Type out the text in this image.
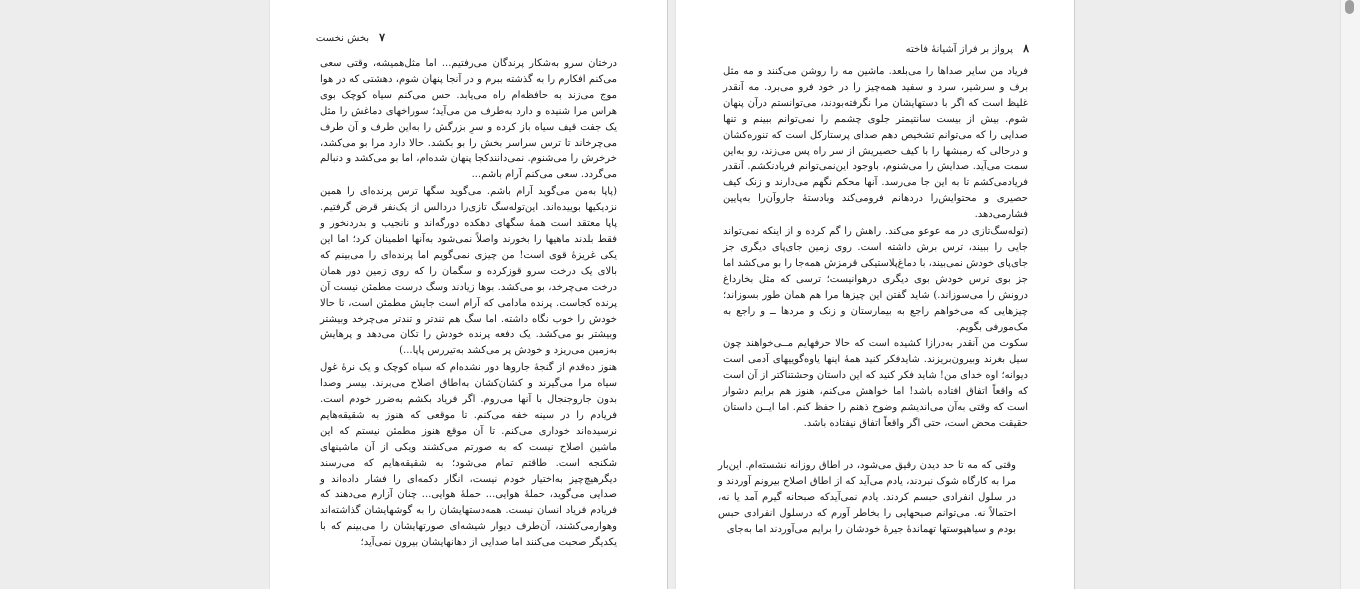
۷
بخش نخست

درختان سرو به‌شکار پرندگان می‌رفتیم... اما مثل‌همیشه، وقتی سعی می‌کنم افکارم را به گذشته ببرم و در آنجا پنهان شوم، دهشتی که در هوا موج می‌زند به حافظه‌ام راه می‌یابد. حس می‌کنم سیاه کوچک بوی هراس مرا شنیده و دارد به‌طرف من می‌آید؛ سوراخهای دماغش را مثل یک جفت قیف سیاه باز کرده و سرِ بزرگش را به‌این طرف و آن طرف می‌چرخاند تا ترس سراسر بخش را بو بکشد. حالا دارد مرا بو می‌کشد، خرخرش را می‌شنوم. نمی‌دانندکجا پنهان شده‌ام، اما بو می‌کشد و دنبالم می‌گردد. سعی می‌کنم آرام باشم...

(پاپا به‌من می‌گوید آرام باشم. می‌گوید سگها ترس پرنده‌ای را همین نزدیکیها بوییده‌اند. این‌توله‌سگ تازی‌را دردالس از یک‌نفر قرض گرفتیم. پاپا معتقد است همهٔ سگهای دهکده دورگه‌اند و نانجیب و بدردنخور و فقط بلدند ماهیها را بخورند واصلاً نمی‌شود به‌آنها اطمینان کرد؛ اما این یکی غریزهٔ قوی است! من چیزی نمی‌گویم اما پرنده‌ای را می‌بینم که بالای یک درخت سرو قوزکرده و سگمان را که روی زمین دور همان درخت می‌چرخد، بو می‌کشد. بوها زیادند وسگ درست مطمئن نیست آن پرنده کجاست. پرنده مادامی که آرام است جایش مطمئن است، تا حالا خودش را خوب نگاه داشته. اما سگ هم تندتر و تندتر می‌چرخد وبیشتر وبیشتر بو می‌کشد. یک دفعه پرنده خودش را تکان می‌دهد و پرهایش به‌زمین می‌ریزد و خودش پر می‌کشد به‌تیررس پاپا...)

هنوز ده‌قدم از گنجهٔ جاروها دور نشده‌ام که سیاه کوچک و یک نرهٔ غول سیاه مرا می‌گیرند و کشان‌کشان به‌اطاق اصلاح می‌برند. بیسر وصدا بدون جاروجنجال با آنها می‌روم. اگر فریاد بکشم به‌ضرر خودم است. فریادم را در سینه خفه می‌کنم. تا موقعی که هنوز به شقیقه‌هایم نرسیده‌اند خوداری می‌کنم. تا آن موقع هنوز مطمئن نیستم که این ماشین اصلاح نیست که به صورتم می‌کشند ویکی از آن ماشینهای شکنجه است. طاقتم تمام می‌شود؛ به شقیقه‌هایم که می‌رسند دیگرهیچ‌چیز به‌اختیار خودم نیست، انگار دکمه‌ای را فشار داده‌اند و صدایی می‌گوید، حملهٔ هوایی... حملهٔ هوایی... چنان آزارم می‌دهند که فریادم فریاد انسان نیست. همه‌دستهایشان را به گوشهایشان گذاشته‌اند وهوارمی‌کشند، آن‌طرف دیوار شیشه‌ای صورتهایشان را می‌بینم که با یکدیگر صحبت می‌کنند اما صدایی از دهانهایشان بیرون نمی‌آید؛

۸
پرواز بر فراز آشیانهٔ فاخته

فریاد من سایر صداها را می‌بلعد. ماشین مه را روشن می‌کنند و مه مثل برف و سرشیر، سرد و سفید همه‌چیز را در خود فرو می‌برد. مه آنقدر غلیظ است که اگر با دستهایشان مرا نگرفته‌بودند، می‌توانستم درآن پنهان شوم. بیش از بیست سانتیمتر جلوی چشمم را نمی‌توانم ببینم و تنها صدایی را که می‌توانم تشخیص دهم صدای پرستارکل است که تنوره‌کشان و درحالی که رمبشها را با کیف حصیریش از سر راه پس می‌زند، رو به‌این سمت می‌آید. صدایش را می‌شنوم، باوجود این‌نمی‌توانم فریادنکشم. آنقدر فریادمی‌کشم تا به این جا می‌رسد. آنها محکم نگهم می‌دارند و زنک کیف حصیری و محتوایش‌را دردهانم فرومی‌کند وبادستهٔ جاروآن‌را به‌پایین فشارمی‌دهد.

(توله‌سگ‌تازی در مه عوعو می‌کند. راهش را گم کرده و از اینکه نمی‌تواند جایی را ببیند، ترس برش داشته است. روی زمین جای‌پای دیگری جز جای‌پای خودش نمی‌بیند، با دماغ‌پلاستیکی قرمزش همه‌جا را بو می‌کشد اما جز بوی ترس خودش بوی دیگری درهوانیست؛ ترسی که مثل بخارداغ درونش را می‌سوزاند.) شاید گفتن این چیزها مرا هم همان طور بسوزاند؛ چیزهایی که می‌خواهم راجع به بیمارستان و زنک و مردها ــ و راجع به مک‌مورفی بگویم.

سکوت من آنقدر به‌درازا کشیده است که حالا حرفهایم مــی‌خواهند چون سیل بغرند وبیرون‌بریزند. شاید‌فکر کنید همهٔ اینها یاوه‌گوییهای آدمی است دیوانه؛ اوه خدای من! شاید فکر کنید که این داستان وحشتناکتر از آن است که واقعاً اتفاق افتاده باشد! اما خواهش می‌کنم، هنوز هم برایم دشوار است که وقتی به‌آن می‌اندیشم وضوح ذهنم را حفظ کنم. اما ایــن داستان حقیقت محض است، حتی اگر واقعاً اتفاق نیفتاده باشد.

وقتی که مه تا حد دیدن رقیق می‌شود، در اطاق روزانه نشسته‌ام. این‌بار مرا به کارگاه شوک نبردند، یادم می‌آید که از اطاق اصلاح بیرونم آوردند و در سلول انفرادی حبسم کردند. یادم نمی‌آیدکه صبحانه گیرم آمد یا نه، احتمالاً نه. می‌توانم صبحهایی را بخاطر آورم که درسلول انفرادی حبس بودم و سیاهپوستها تهماندهٔ جیرهٔ خودشان را برایم می‌آوردند اما به‌جای
